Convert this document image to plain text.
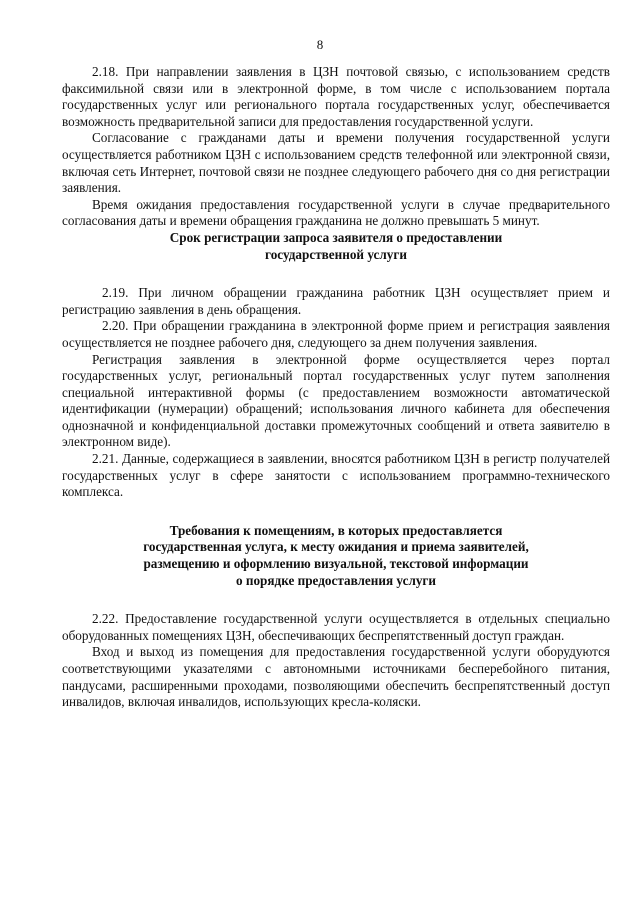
8

2.18. При направлении заявления в ЦЗН почтовой связью, с использованием средств факсимильной связи или в электронной форме, в том числе с использованием портала государственных услуг или регионального портала государственных услуг, обеспечивается возможность предварительной записи для предоставления государственной услуги.

Согласование с гражданами даты и времени получения государственной услуги осуществляется работником ЦЗН с использованием средств телефонной или электронной связи, включая сеть Интернет, почтовой связи не позднее следующего рабочего дня со дня регистрации заявления.

Время ожидания предоставления государственной услуги в случае предварительного согласования даты и времени обращения гражданина не должно превышать 5 минут.

Срок регистрации запроса заявителя о предоставлении

государственной услуги

2.19. При личном обращении гражданина работник ЦЗН осуществляет прием и регистрацию заявления в день обращения.

2.20. При обращении гражданина в электронной форме прием и регистрация заявления осуществляется не позднее рабочего дня, следующего за днем получения заявления.

Регистрация заявления в электронной форме осуществляется через портал государственных услуг, региональный портал государственных услуг путем заполнения специальной интерактивной формы (с предоставлением возможности автоматической идентификации (нумерации) обращений; использования личного кабинета для обеспечения однозначной и конфиденциальной доставки промежуточных сообщений и ответа заявителю в электронном виде).

2.21. Данные, содержащиеся в заявлении, вносятся работником ЦЗН в регистр получателей государственных услуг в сфере занятости с использованием программно-технического комплекса.

Требования к помещениям, в которых предоставляется

государственная услуга, к месту ожидания и приема заявителей,

размещению и оформлению визуальной, текстовой информации

о порядке предоставления услуги

2.22. Предоставление государственной услуги осуществляется в отдельных специально оборудованных помещениях ЦЗН, обеспечивающих беспрепятственный доступ граждан.

Вход и выход из помещения для предоставления государственной услуги оборудуются соответствующими указателями с автономными источниками бесперебойного питания, пандусами, расширенными проходами, позволяющими обеспечить беспрепятственный доступ инвалидов, включая инвалидов, использующих кресла-коляски.
